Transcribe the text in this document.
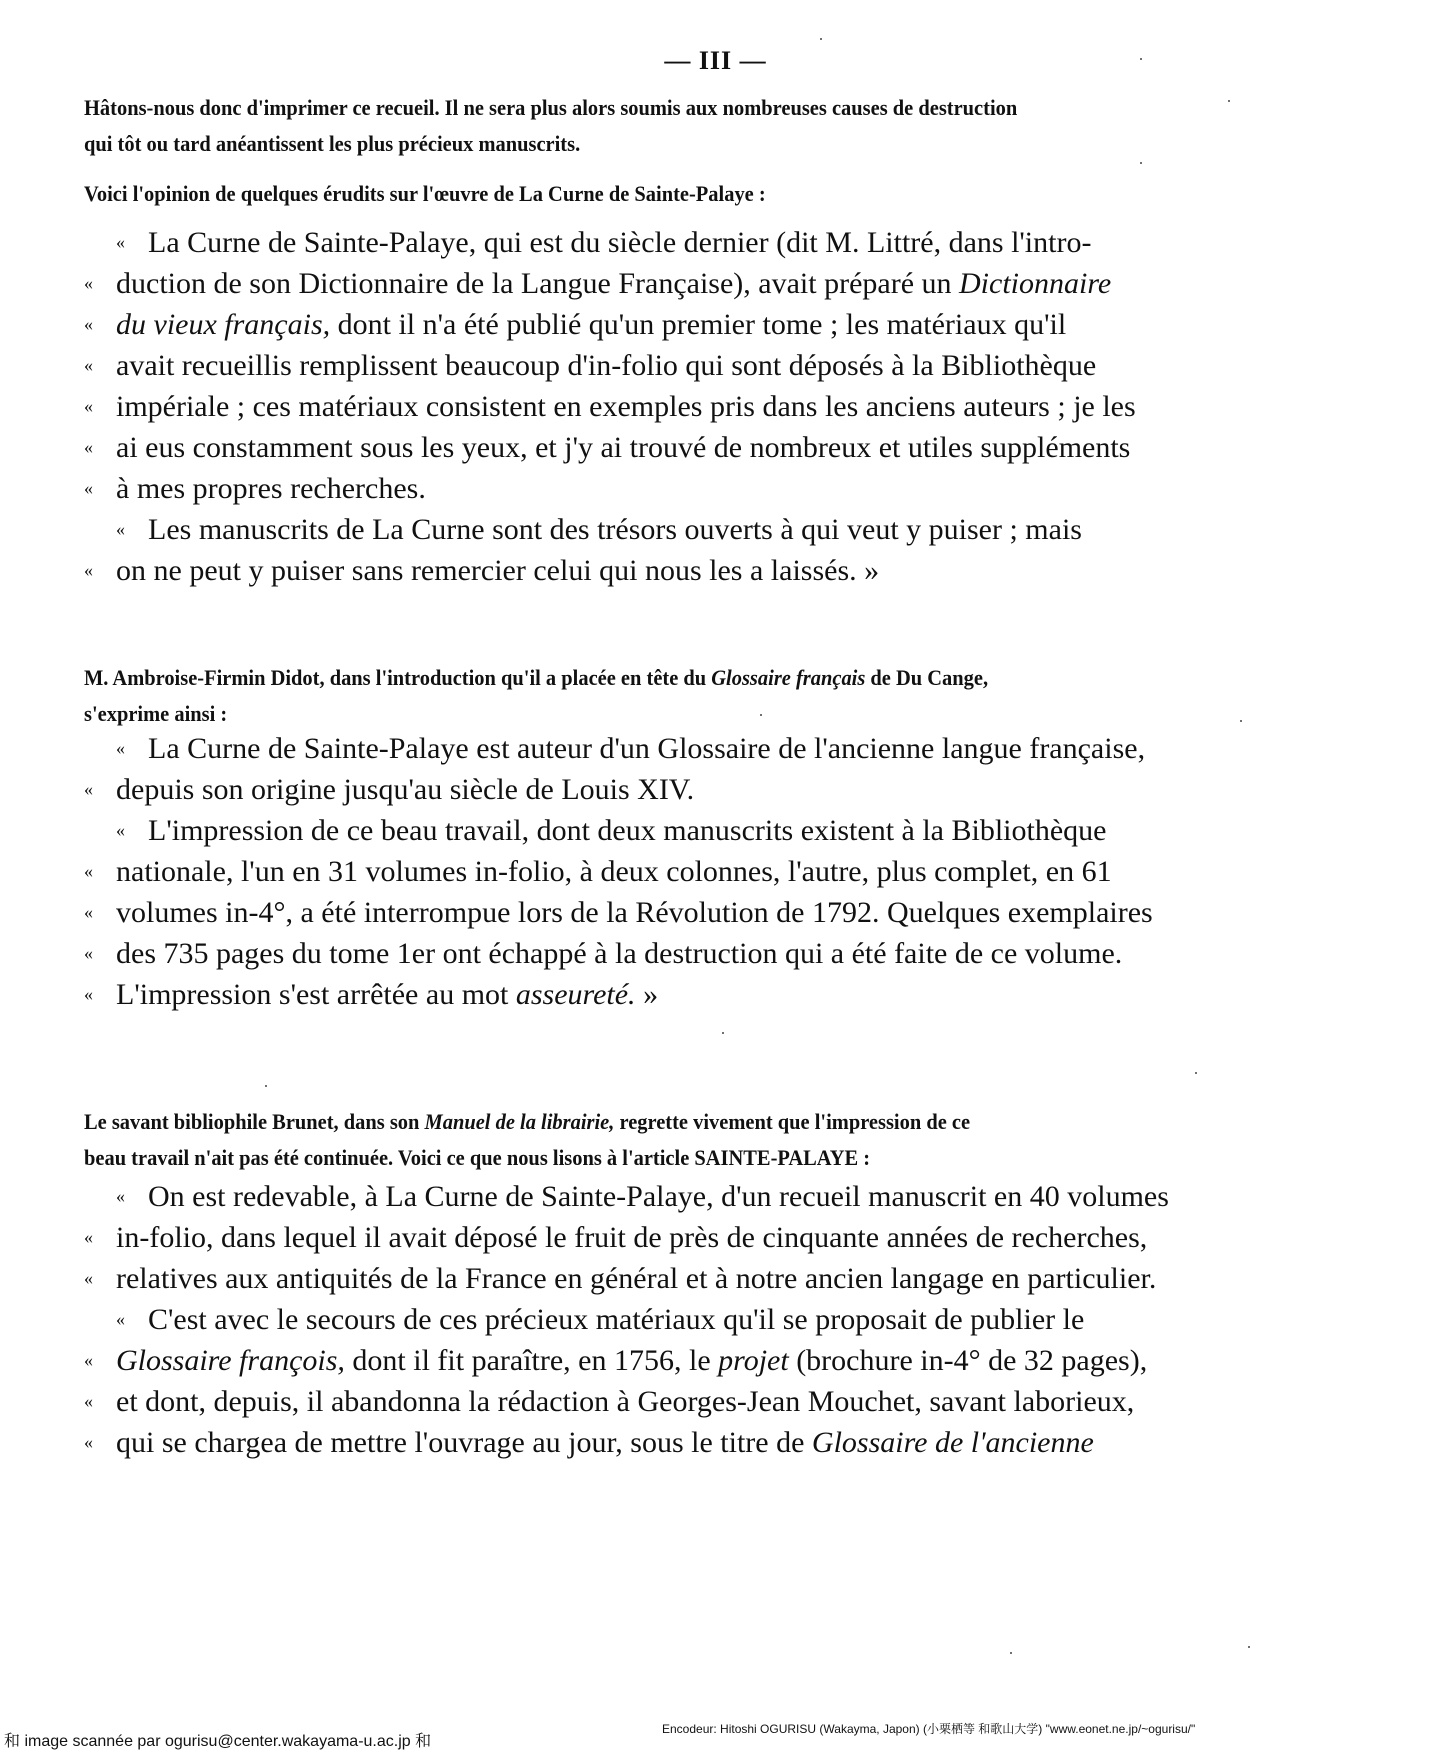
— III —

Hâtons-nous donc d'imprimer ce recueil. Il ne sera plus alors soumis aux nombreuses causes de destruction

qui tôt ou tard anéantissent les plus précieux manuscrits.

Voici l'opinion de quelques érudits sur l'œuvre de La Curne de Sainte-Palaye :

« La Curne de Sainte-Palaye, qui est du siècle dernier (dit M. Littré, dans l'intro-
« duction de son Dictionnaire de la Langue Française), avait préparé un Dictionnaire
« du vieux français, dont il n'a été publié qu'un premier tome ; les matériaux qu'il
« avait recueillis remplissent beaucoup d'in-folio qui sont déposés à la Bibliothèque
« impériale ; ces matériaux consistent en exemples pris dans les anciens auteurs ; je les
« ai eus constamment sous les yeux, et j'y ai trouvé de nombreux et utiles suppléments
« à mes propres recherches.
« Les manuscrits de La Curne sont des trésors ouverts à qui veut y puiser ; mais
« on ne peut y puiser sans remercier celui qui nous les a laissés. »

M. Ambroise-Firmin Didot, dans l'introduction qu'il a placée en tête du Glossaire français de Du Cange,

s'exprime ainsi :

« La Curne de Sainte-Palaye est auteur d'un Glossaire de l'ancienne langue française,
« depuis son origine jusqu'au siècle de Louis XIV.
« L'impression de ce beau travail, dont deux manuscrits existent à la Bibliothèque
« nationale, l'un en 31 volumes in-folio, à deux colonnes, l'autre, plus complet, en 61
« volumes in-4°, a été interrompue lors de la Révolution de 1792. Quelques exemplaires
« des 735 pages du tome 1er ont échappé à la destruction qui a été faite de ce volume.
« L'impression s'est arrêtée au mot asseureté. »

Le savant bibliophile Brunet, dans son Manuel de la librairie, regrette vivement que l'impression de ce

beau travail n'ait pas été continuée. Voici ce que nous lisons à l'article SAINTE-PALAYE :

« On est redevable, à La Curne de Sainte-Palaye, d'un recueil manuscrit en 40 volumes
« in-folio, dans lequel il avait déposé le fruit de près de cinquante années de recherches,
« relatives aux antiquités de la France en général et à notre ancien langage en particulier.
« C'est avec le secours de ces précieux matériaux qu'il se proposait de publier le
« Glossaire françois, dont il fit paraître, en 1756, le projet (brochure in-4° de 32 pages),
« et dont, depuis, il abandonna la rédaction à Georges-Jean Mouchet, savant laborieux,
« qui se chargea de mettre l'ouvrage au jour, sous le titre de Glossaire de l'ancienne
Encodeur: Hitoshi OGURISU (Wakayma, Japon) (小栗栖等 和歌山大学) "www.eonet.ne.jp/~ogurisu/"
和 image scannée par ogurisu@center.wakayama-u.ac.jp 和
